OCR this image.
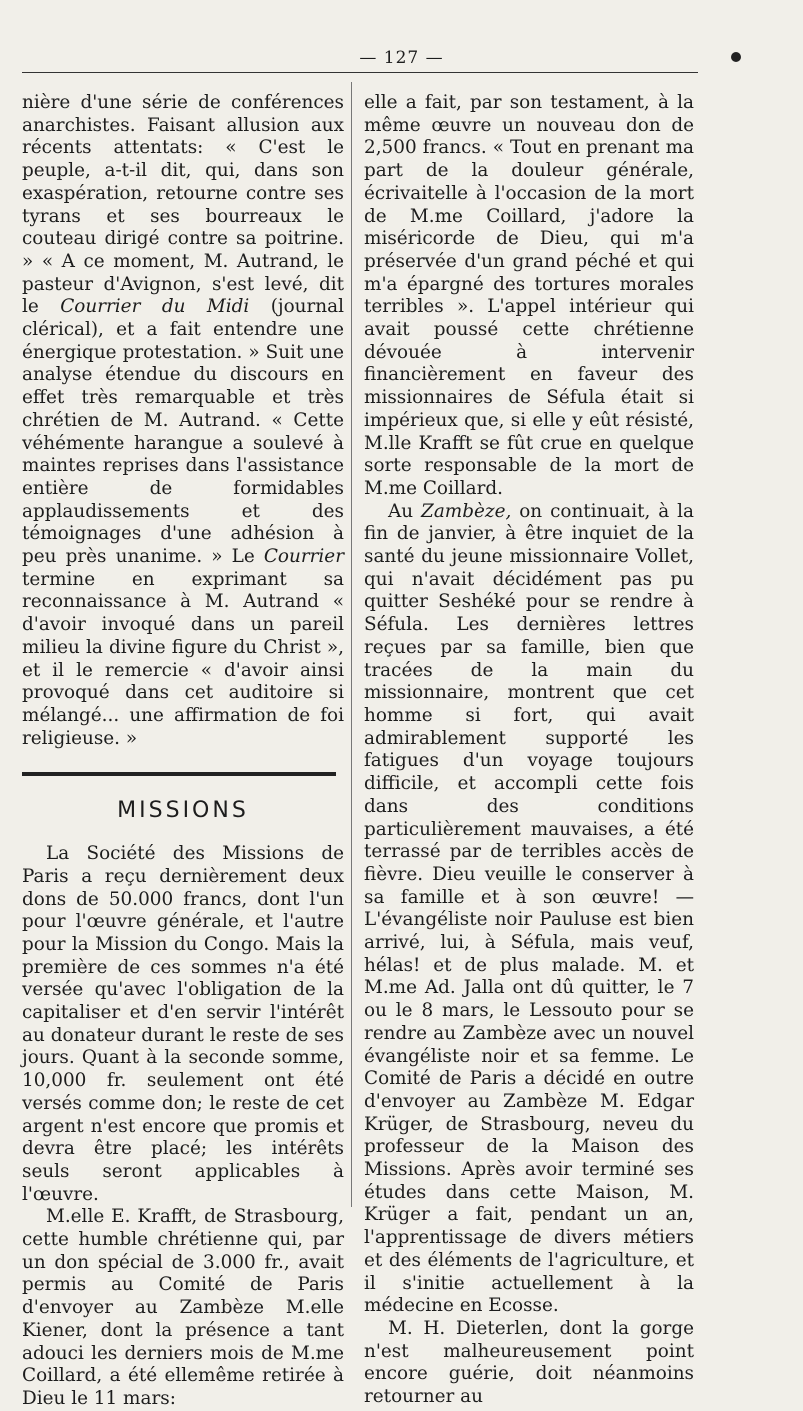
— 127 —

nière d'une série de conférences anarchistes. Faisant allusion aux récents attentats: « C'est le peuple, a-t-il dit, qui, dans son exaspération, retourne contre ses tyrans et ses bourreaux le couteau dirigé contre sa poitrine. » « A ce moment, M. Autrand, le pasteur d'Avignon, s'est levé, dit le Courrier du Midi (journal clérical), et a fait entendre une énergique protestation. » Suit une analyse étendue du discours en effet très remarquable et très chrétien de M. Autrand. « Cette véhémente harangue a soulevé à maintes reprises dans l'assistance entière de formidables applaudissements et des témoignages d'une adhésion à peu près unanime. » Le Courrier termine en exprimant sa reconnaissance à M. Autrand « d'avoir invoqué dans un pareil milieu la divine figure du Christ », et il le remercie « d'avoir ainsi provoqué dans cet auditoire si mélangé... une affirmation de foi religieuse. »

MISSIONS

La Société des Missions de Paris a reçu dernièrement deux dons de 50.000 francs, dont l'un pour l'œuvre générale, et l'autre pour la Mission du Congo. Mais la première de ces sommes n'a été versée qu'avec l'obligation de la capitaliser et d'en servir l'intérêt au donateur durant le reste de ses jours. Quant à la seconde somme, 10,000 fr. seulement ont été versés comme don; le reste de cet argent n'est encore que promis et devra être placé; les intérêts seuls seront applicables à l'œuvre.

M.elle E. Krafft, de Strasbourg, cette humble chrétienne qui, par un don spécial de 3.000 fr., avait permis au Comité de Paris d'envoyer au Zambèze M.elle Kiener, dont la présence a tant adouci les derniers mois de M.me Coillard, a été ellemême retirée à Dieu le 11 mars:

elle a fait, par son testament, à la même œuvre un nouveau don de 2,500 francs. « Tout en prenant ma part de la douleur générale, écrivaitelle à l'occasion de la mort de M.me Coillard, j'adore la miséricorde de Dieu, qui m'a préservée d'un grand péché et qui m'a épargné des tortures morales terribles ». L'appel intérieur qui avait poussé cette chrétienne dévouée à intervenir financièrement en faveur des missionnaires de Séfula était si impérieux que, si elle y eût résisté, M.lle Krafft se fût crue en quelque sorte responsable de la mort de M.me Coillard.

Au Zambèze, on continuait, à la fin de janvier, à être inquiet de la santé du jeune missionnaire Vollet, qui n'avait décidément pas pu quitter Seshéké pour se rendre à Séfula. Les dernières lettres reçues par sa famille, bien que tracées de la main du missionnaire, montrent que cet homme si fort, qui avait admirablement supporté les fatigues d'un voyage toujours difficile, et accompli cette fois dans des conditions particulièrement mauvaises, a été terrassé par de terribles accès de fièvre. Dieu veuille le conserver à sa famille et à son œuvre! — L'évangéliste noir Pauluse est bien arrivé, lui, à Séfula, mais veuf, hélas! et de plus malade. M. et M.me Ad. Jalla ont dû quitter, le 7 ou le 8 mars, le Lessouto pour se rendre au Zambèze avec un nouvel évangéliste noir et sa femme. Le Comité de Paris a décidé en outre d'envoyer au Zambèze M. Edgar Krüger, de Strasbourg, neveu du professeur de la Maison des Missions. Après avoir terminé ses études dans cette Maison, M. Krüger a fait, pendant un an, l'apprentissage de divers métiers et des éléments de l'agriculture, et il s'initie actuellement à la médecine en Ecosse.

M. H. Dieterlen, dont la gorge n'est malheureusement point encore guérie, doit néanmoins retourner au
